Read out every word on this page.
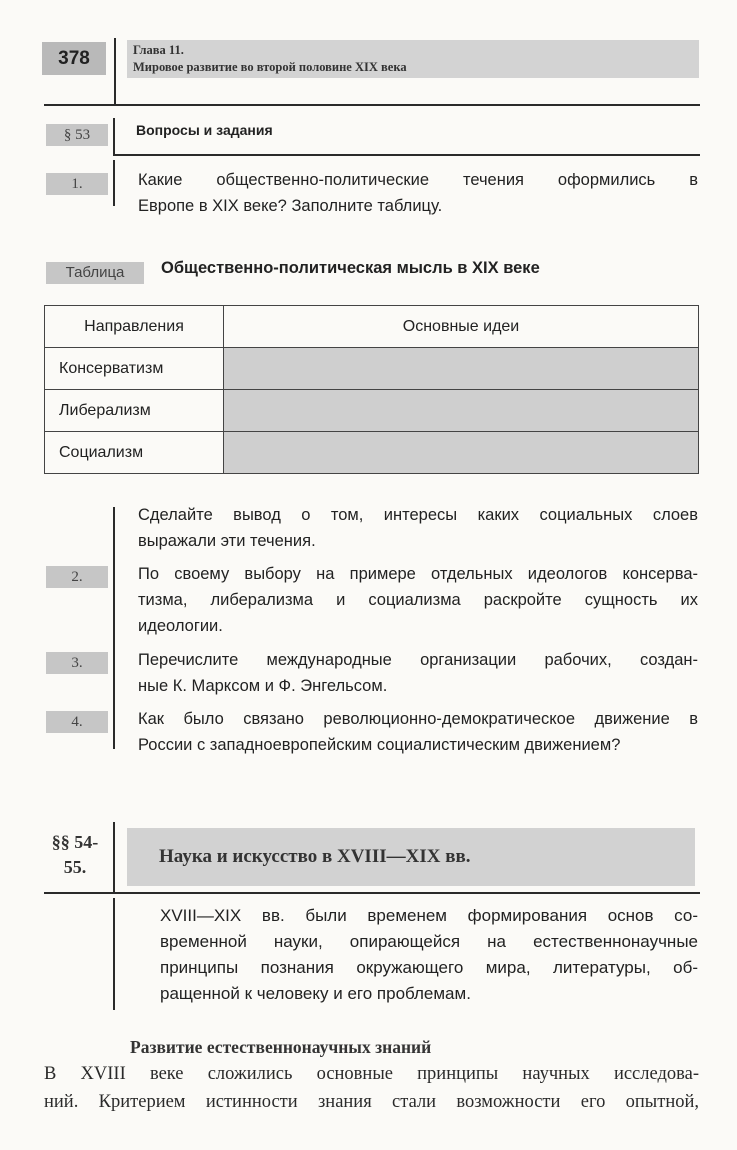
378	Глава 11.
Мировое развитие во второй половине XIX века
§ 53	Вопросы и задания
1.	Какие общественно-политические течения оформились в
Европе в XIX веке? Заполните таблицу.
Таблица	Общественно-политическая мысль в XIX веке
Направления	Основные идеи
Консерватизм	
Либерализм	
Социализм	
Сделайте вывод о том, интересы каких социальных слоев
выражали эти течения.
2.	По своему выбору на примере отдельных идеологов консерва-
тизма, либерализма и социализма раскройте сущность их
идеологии.
3.	Перечислите международные организации рабочих, создан-
ные К. Марксом и Ф. Энгельсом.
4.	Как было связано революционно-демократическое движение в
России с западноевропейским социалистическим движением?
§§ 54-
55.	Наука и искусство в XVIII—XIX вв.
XVIII—XIX вв. были временем формирования основ со-
временной науки, опирающейся на естественнонаучные
принципы познания окружающего мира, литературы, об-
ращенной к человеку и его проблемам.
Развитие естественнонаучных знаний
В XVIII веке сложились основные принципы научных исследова-
ний. Критерием истинности знания стали возможности его опытной,
